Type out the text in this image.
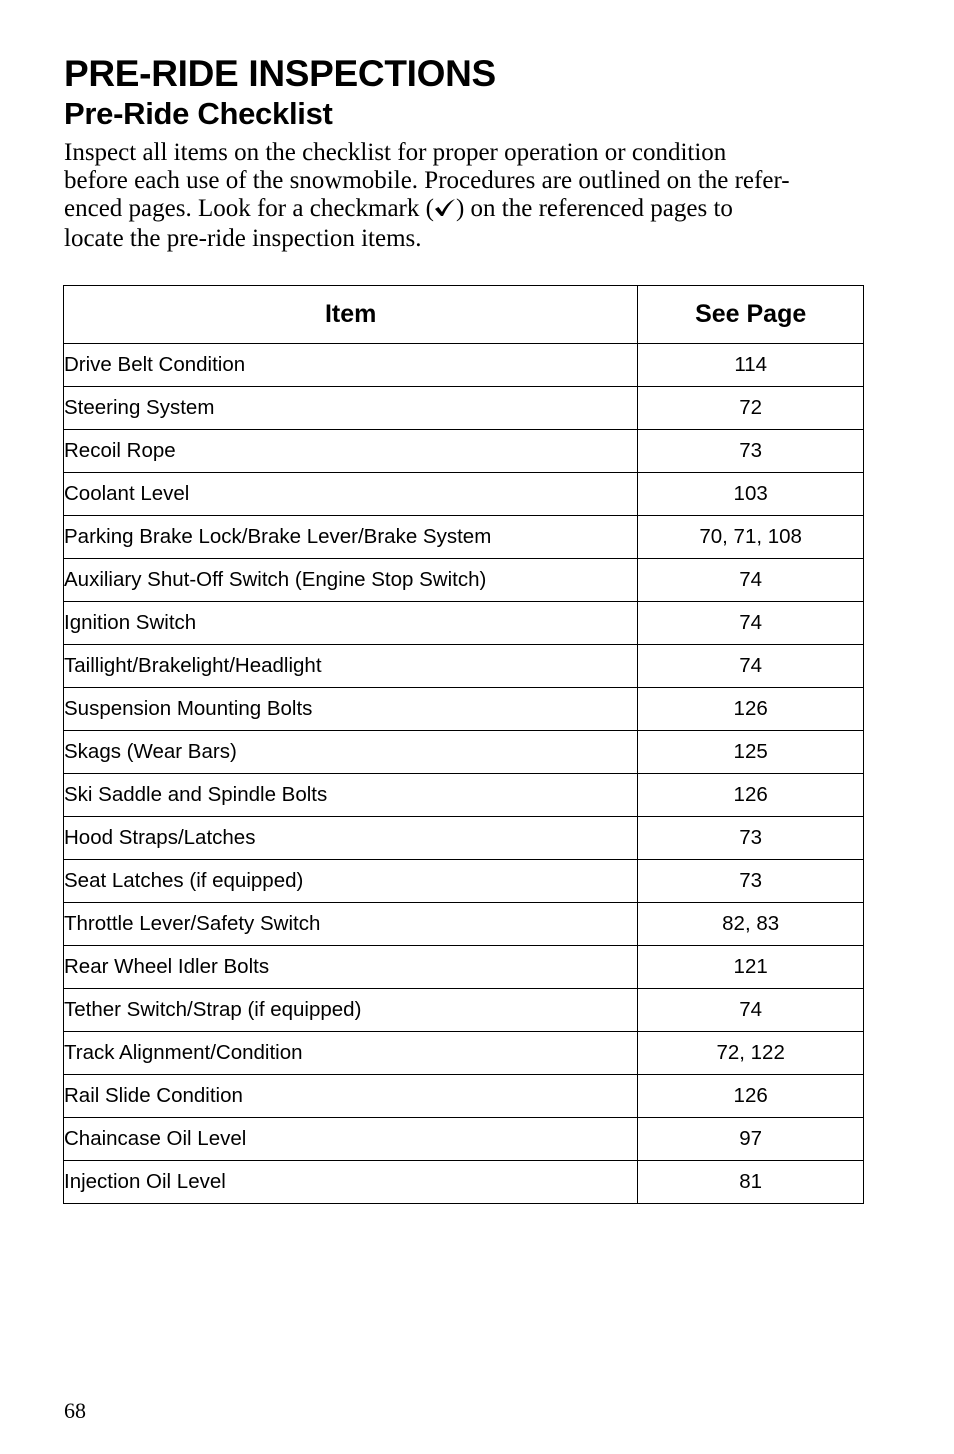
PRE-RIDE INSPECTIONS
Pre-Ride Checklist

Inspect all items on the checklist for proper operation or condition
before each use of the snowmobile. Procedures are outlined on the refer-
enced pages. Look for a checkmark ( ) on the referenced pages to
locate the pre-ride inspection items.

Item	See Page
Drive Belt Condition	114
Steering System	72
Recoil Rope	73
Coolant Level	103
Parking Brake Lock/Brake Lever/Brake System	70, 71, 108
Auxiliary Shut-Off Switch (Engine Stop Switch)	74
Ignition Switch	74
Taillight/Brakelight/Headlight	74
Suspension Mounting Bolts	126
Skags (Wear Bars)	125
Ski Saddle and Spindle Bolts	126
Hood Straps/Latches	73
Seat Latches (if equipped)	73
Throttle Lever/Safety Switch	82, 83
Rear Wheel Idler Bolts	121
Tether Switch/Strap (if equipped)	74
Track Alignment/Condition	72, 122
Rail Slide Condition	126
Chaincase Oil Level	97
Injection Oil Level	81
68
